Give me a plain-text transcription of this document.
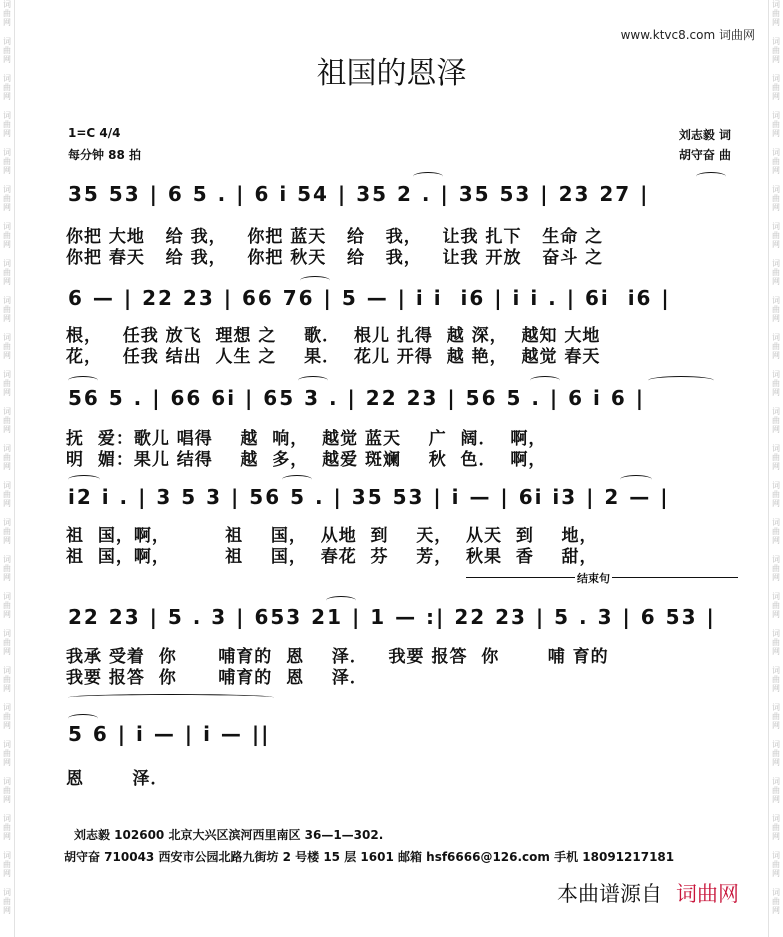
词
曲
网
词
曲
网
词
曲
网
词
曲
网
词
曲
网
词
曲
网
词
曲
网
词
曲
网
词
曲
网
词
曲
网
词
曲
网
词
曲
网
词
曲
网
词
曲
网
词
曲
网
词
曲
网
词
曲
网
词
曲
网
词
曲
网
词
曲
网
词
曲
网
词
曲
网
词
曲
网
词
曲
网
词
曲
网
词
曲
网
词
曲
网
词
曲
网
词
曲
网
词
曲
网
词
曲
网
词
曲
网
词
曲
网
词
曲
网
词
曲
网
词
曲
网
词
曲
网
词
曲
网
词
曲
网
词
曲
网
词
曲
网
词
曲
网
词
曲
网
词
曲
网
词
曲
网
词
曲
网
词
曲
网
词
曲
网
词
曲
网
词
曲
网
www.ktvc8.com 词曲网
祖国的恩泽
1=C 4/4
每分钟 88 拍
刘志毅 词
胡守奋 曲
35 53 | 6 5 . | 6 i 54 | 35 2 . | 35 53 | 23 27 |
你把 大地   给 我，   你把 蓝天   给   我，   让我 扎下   生命 之
你把 春天   给 我，   你把 秋天   给   我，   让我 开放   奋斗 之
6 — | 22 23 | 66 76 | 5 — | i i  i6 | i i . | 6i  i6 |
根，   任我 放飞  理想 之    歌．  根儿 扎得  越 深，  越知 大地
花，   任我 结出  人生 之    果．  花儿 开得  越 艳，  越觉 春天
56 5 . | 66 6i | 65 3 . | 22 23 | 56 5 . | 6 i 6 |
抚  爱：歌儿 唱得    越  响，  越觉 蓝天    广  阔．  啊，
明  媚：果儿 结得    越  多，  越爱 斑斓    秋  色．  啊，
i2 i . | 3 5 3 | 56 5 . | 35 53 | i — | 6i i3 | 2 — |
祖  国，啊，        祖    国，  从地  到    天，  从天  到    地，
祖  国，啊，        祖    国，  春花  芬    芳，  秋果  香    甜，
结束句
22 23 | 5 . 3 | 653 21 | 1 — :| 22 23 | 5 . 3 | 6 53 |
我承 受着  你      哺育的  恩    泽．   我要 报答  你       哺 育的
我要 报答  你      哺育的  恩    泽．
5 6 | i — | i — ||
恩       泽．
刘志毅 102600 北京大兴区滨河西里南区 36—1—302.
胡守奋 710043 西安市公园北路九街坊 2 号楼 15 层 1601 邮箱 hsf6666@126.com 手机 18091217181
本曲谱源自 词曲网
